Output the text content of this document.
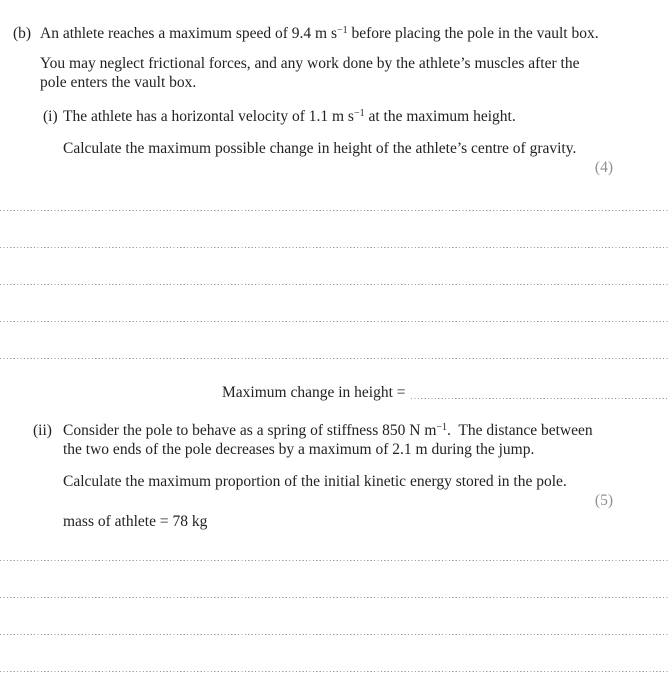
(b) An athlete reaches a maximum speed of 9.4 m $s^{-1}$ before placing the pole in the vault box.
You may neglect frictional forces, and any work done by the athlete’s muscles after the
pole enters the vault box.
(i) The athlete has a horizontal velocity of 1.1 m $s^{-1}$ at the maximum height.
Calculate the maximum possible change in height of the athlete’s centre of gravity.
(4)
Maximum change in height =
(ii) Consider the pole to behave as a spring of stiffness 850 N $m^{-1}$.  The distance between
the two ends of the pole decreases by a maximum of 2.1 m during the jump.
Calculate the maximum proportion of the initial kinetic energy stored in the pole.
(5)
mass of athlete = 78 kg
